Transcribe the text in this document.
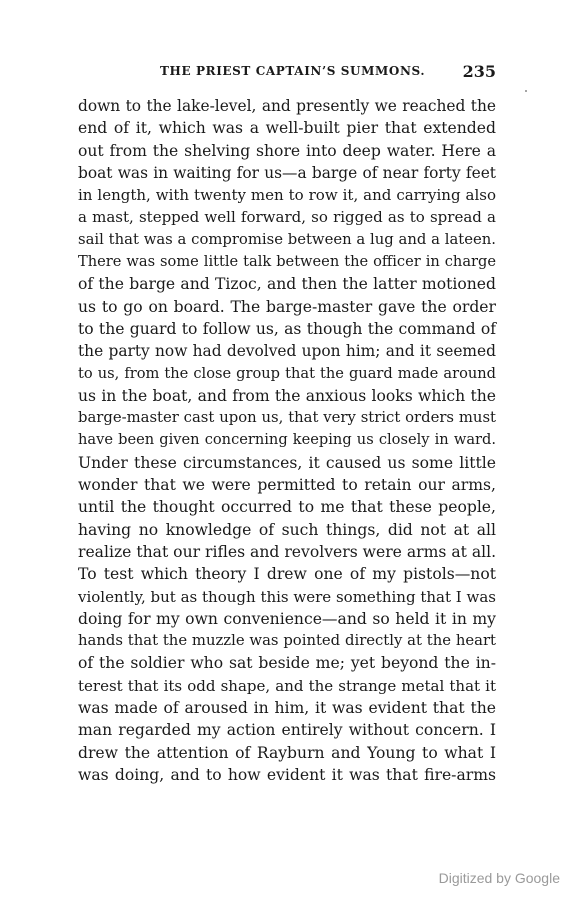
THE PRIEST CAPTAIN’S SUMMONS. 235
down to the lake-level, and presently we reached the
end of it, which was a well-built pier that extended
out from the shelving shore into deep water. Here a
boat was in waiting for us—a barge of near forty feet
in length, with twenty men to row it, and carrying also
a mast, stepped well forward, so rigged as to spread a
sail that was a compromise between a lug and a lateen.
There was some little talk between the officer in charge
of the barge and Tizoc, and then the latter motioned
us to go on board. The barge-master gave the order
to the guard to follow us, as though the command of
the party now had devolved upon him; and it seemed
to us, from the close group that the guard made around
us in the boat, and from the anxious looks which the
barge-master cast upon us, that very strict orders must
have been given concerning keeping us closely in ward.
Under these circumstances, it caused us some little
wonder that we were permitted to retain our arms,
until the thought occurred to me that these people,
having no knowledge of such things, did not at all
realize that our rifles and revolvers were arms at all.
To test which theory I drew one of my pistols—not
violently, but as though this were something that I was
doing for my own convenience—and so held it in my
hands that the muzzle was pointed directly at the heart
of the soldier who sat beside me; yet beyond the in-
terest that its odd shape, and the strange metal that it
was made of aroused in him, it was evident that the
man regarded my action entirely without concern. I
drew the attention of Rayburn and Young to what I
was doing, and to how evident it was that fire-arms
Digitized by Google
